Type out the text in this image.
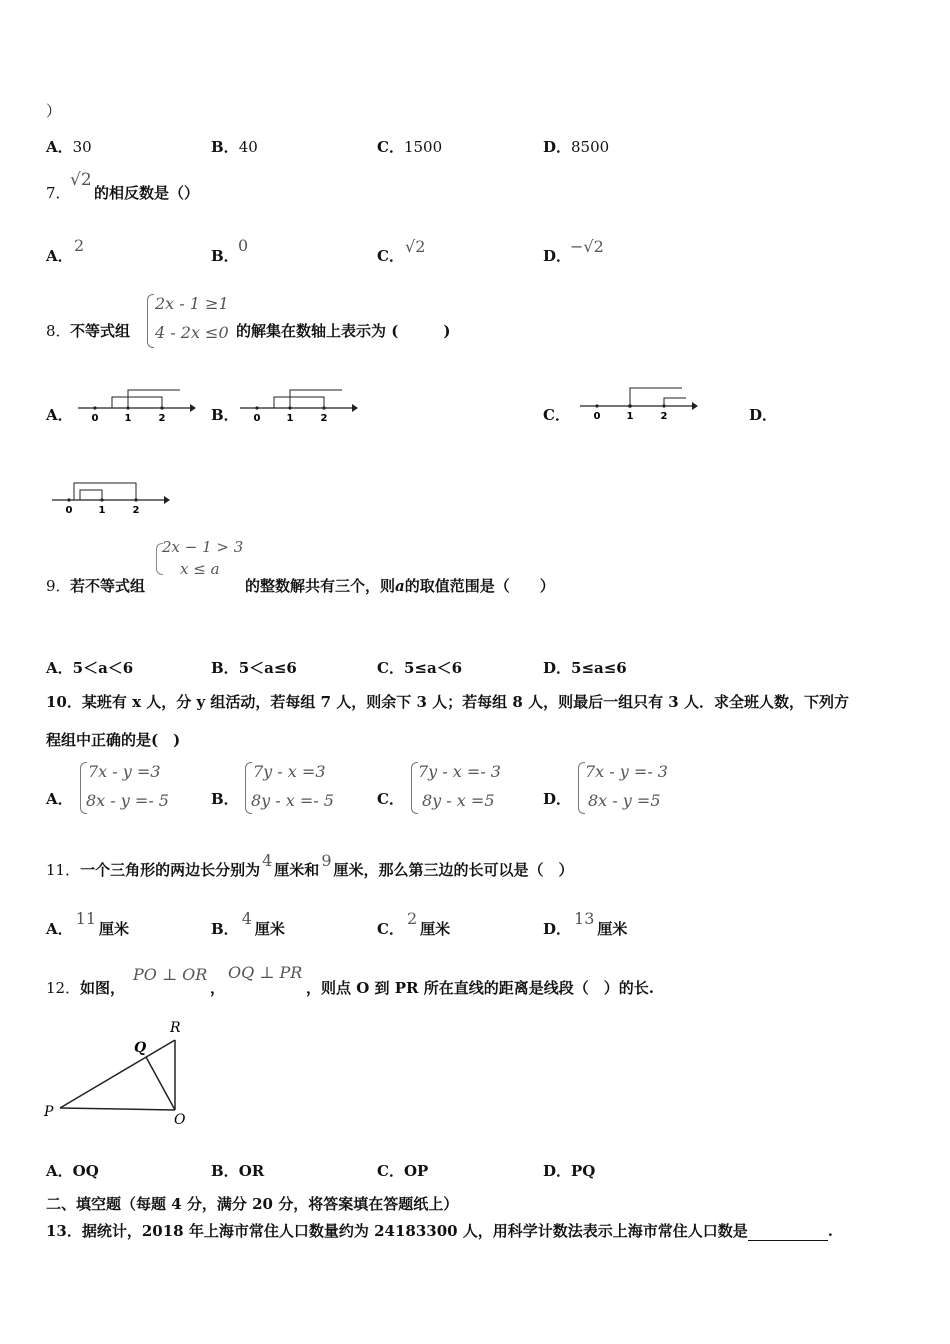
）
A．30	B．40	C．1500	D．8500
7．
√2
的相反数是（）
A．
2
B．
0
C． √2	D．
−√2
8． 不等式组
2x - 1 ≥1
4 - 2x ≤0 的解集在数轴上表示为 (　　　)
A． 0	1	2	B． 0	1	2	C． 0	1	2	D．
0	1	2
9． 若不等式组
2x − 1 > 3
x ≤ a
的整数解共有三个，则a的取值范围是（　　）
A．5＜a＜6	B．5＜a≤6	C．5≤a＜6	D．5≤a≤6
10．某班有 x 人，分 y 组活动，若每组 7 人，则余下 3 人；若每组 8 人，则最后一组只有 3 人．求全班人数，下列方
程组中正确的是(　)
A．
7x - y =3
8x - y =- 5	B．
7y - x =3
8y - x =- 5	C．
7y - x =- 3
8y - x =5	D．
7x - y =- 3
8x - y =5
11．一个三角形的两边长分别为 4 厘米和 9 厘米，那么第三边的长可以是（　）
A．11厘米	B．4厘米	C．2厘米	D．13厘米
12． 如图，
PO ⊥ OR
，
OQ ⊥ PR
，则点 O 到 PR 所在直线的距离是线段（　）的长.
R
Q
P	O
A．OQ	B．OR	C．OP	D．PQ
二、填空题（每题 4 分，满分 20 分，将答案填在答题纸上）
13．据统计，2018 年上海市常住人口数量约为 24183300 人，用科学计数法表示上海市常住人口数是	.
